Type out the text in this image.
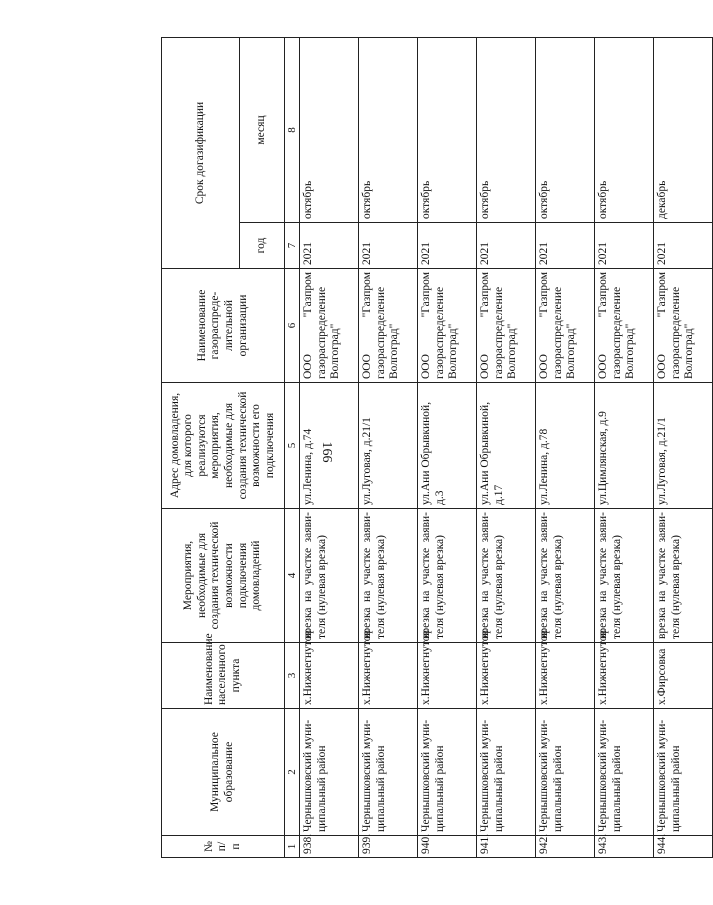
166
№ п/п	Муниципальное образование	Наименование населенного пункта	Мероприятия, необходимые для создания технической возможности подключения домовладений	Адрес домовладения, для которого реализуются мероприятия, необходимые для создания технической возможности его подключения	Наименование газораспреде-лительной организации	Срок догазификации	
						год	месяц
1	2	3	4	5	6	7	8
938.	Чернышковский муни-ципальный район	х.Нижнегнутов	врезка на участке заяви-теля (нулевая врезка)	ул.Ленина, д.74	ООО "Газпром газораспределение Волгоград"	2021	октябрь
939.	Чернышковский муни-ципальный район	х.Нижнегнутов	врезка на участке заяви-теля (нулевая врезка)	ул.Луговая, д.21/1	ООО "Газпром газораспределение Волгоград"	2021	октябрь
940.	Чернышковский муни-ципальный район	х.Нижнегнутов	врезка на участке заяви-теля (нулевая врезка)	ул.Ани Обрывкиной, д.3	ООО "Газпром газораспределение Волгоград"	2021	октябрь
941.	Чернышковский муни-ципальный район	х.Нижнегнутов	врезка на участке заяви-теля (нулевая врезка)	ул.Ани Обрывкиной, д.17	ООО "Газпром газораспределение Волгоград"	2021	октябрь
942.	Чернышковский муни-ципальный район	х.Нижнегнутов	врезка на участке заяви-теля (нулевая врезка)	ул.Ленина, д.78	ООО "Газпром газораспределение Волгоград"	2021	октябрь
943.	Чернышковский муни-ципальный район	х.Нижнегнутов	врезка на участке заяви-теля (нулевая врезка)	ул.Цимлянская, д.9	ООО "Газпром газораспределение Волгоград"	2021	октябрь
944.	Чернышковский муни-ципальный район	х.Фирсовка	врезка на участке заяви-теля (нулевая врезка)	ул.Луговая, д.21/1	ООО "Газпром газораспределение Волгоград"	2021	декабрь
